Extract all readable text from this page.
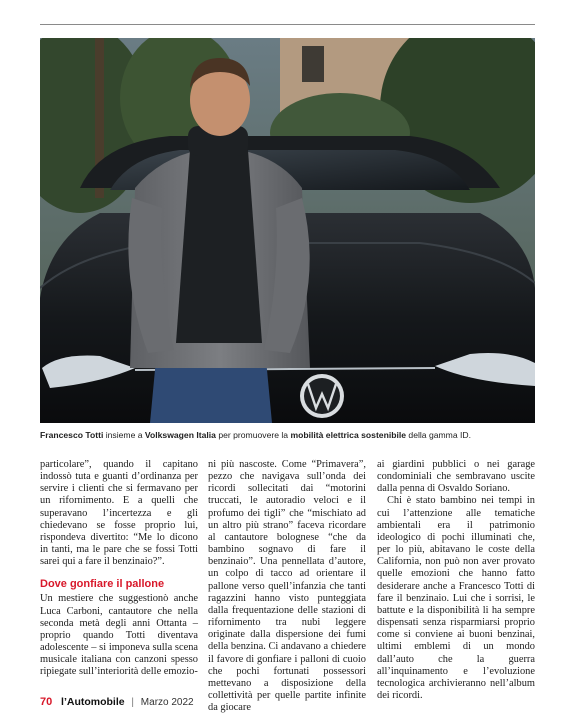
Francesco Totti insieme a Volkswagen Italia per promuovere la mobilità elettrica sostenibile della gamma ID.

particolare”, quando il capitano indossò tuta e guanti d’ordinanza per servire i clienti che si fermavano per un rifornimento. E a quelli che superavano l’incertezza e gli chiedevano se fosse proprio lui, rispondeva divertito: “Me lo dicono in tanti, ma le pare che se fossi Totti sarei qui a fare il benzinaio?”.

Dove gonfiare il pallone

Un mestiere che suggestionò anche Luca Carboni, cantautore che nella seconda metà degli anni Ottanta – proprio quando Totti diventava adolescente – si imponeva sulla scena musicale italiana con canzoni spesso ripiegate sull’interiorità delle emozio-

ni più nascoste. Come “Primavera”, pezzo che navigava sull’onda dei ricordi sollecitati dai “motorini truccati, le autoradio veloci e il profumo dei tigli” che “mischiato ad un altro più strano” faceva ricordare al cantautore bolognese “che da bambino sognavo di fare il benzinaio”. Una pennellata d’autore, un colpo di tacco ad orientare il pallone verso quell’infanzia che tanti ragazzini hanno visto punteggiata dalla frequentazione delle stazioni di rifornimento tra nubi leggere originate dalla dispersione dei fumi della benzina. Ci andavano a chiedere il favore di gonfiare i palloni di cuoio che pochi fortunati possessori mettevano a disposizione della collettività per quelle partite infinite da giocare

ai giardini pubblici o nei garage condominiali che sembravano uscite dalla penna di Osvaldo Soriano.

Chi è stato bambino nei tempi in cui l’attenzione alle tematiche ambientali era il patrimonio ideologico di pochi illuminati che, per lo più, abitavano le coste della California, non può non aver provato quelle emozioni che hanno fatto desiderare anche a Francesco Totti di fare il benzinaio. Lui che i sorrisi, le battute e la disponibilità li ha sempre dispensati senza risparmiarsi proprio come si conviene ai buoni benzinai, ultimi emblemi di un mondo dall’auto che la guerra all’inquinamento e l’evoluzione tecnologica archivieranno nell’album dei ricordi.

70 l’Automobile | Marzo 2022
